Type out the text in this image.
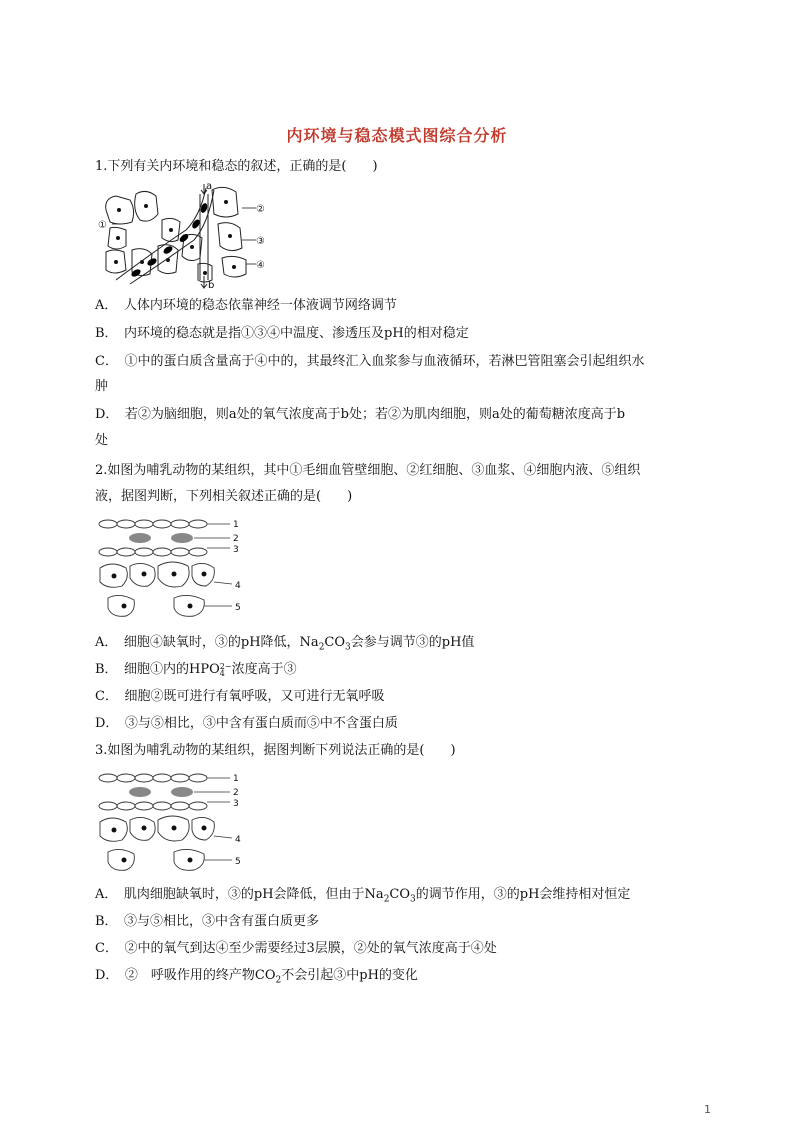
内环境与稳态模式图综合分析
1.下列有关内环境和稳态的叙述，正确的是(　　)
a
b
①
②
③
④
A．　人体内环境的稳态依靠神经一体液调节网络调节
B．　内环境的稳态就是指①③④中温度、渗透压及pH的相对稳定
C．　①中的蛋白质含量高于④中的，其最终汇入血浆参与血液循环，若淋巴管阻塞会引起组织水
肿
D．　若②为脑细胞，则a处的氧气浓度高于b处；若②为肌肉细胞，则a处的葡萄糖浓度高于b
处
2.如图为哺乳动物的某组织，其中①毛细血管壁细胞、②红细胞、③血浆、④细胞内液、⑤组织
液，据图判断，下列相关叙述正确的是(　　)
1
2
3
4
5
A．　细胞④缺氧时，③的pH降低，$Na_2CO_3$会参与调节③的pH值
B．　细胞①内的HPO 2−
4 浓度高于③
C．　细胞②既可进行有氧呼吸，又可进行无氧呼吸
D．　③与⑤相比，③中含有蛋白质而⑤中不含蛋白质
3.如图为哺乳动物的某组织，据图判断下列说法正确的是(　　)
1
2
3
4
5
A．　肌肉细胞缺氧时，③的pH会降低，但由于$Na_2CO_3$的调节作用，③的pH会维持相对恒定
B．　③与⑤相比，③中含有蛋白质更多
C．　②中的氧气到达④至少需要经过3层膜，②处的氧气浓度高于④处
D．　②　呼吸作用的终产物$CO_2$不会引起③中pH的变化
1
